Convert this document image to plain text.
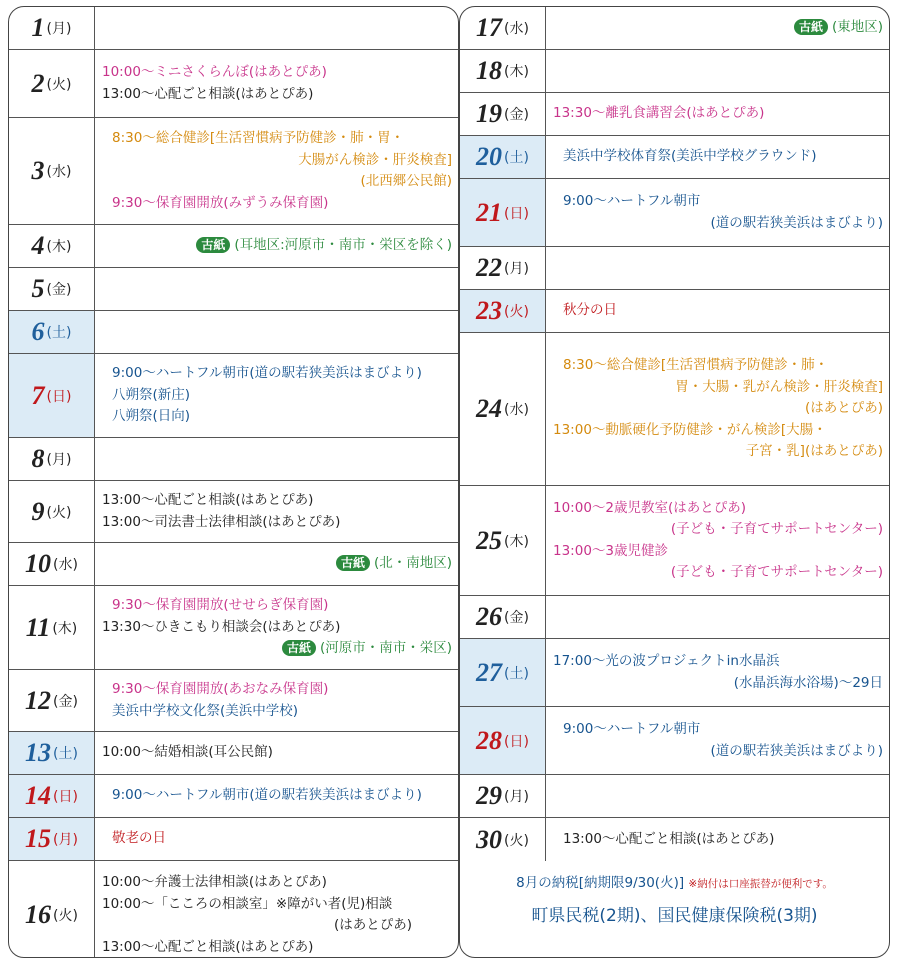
1 (月)
2 (火)
10:00〜ミニさくらんぼ(はあとぴあ)
13:00〜心配ごと相談(はあとぴあ)
3 (水)
8:30〜総合健診[生活習慣病予防健診・肺・胃・
大腸がん検診・肝炎検査]
(北西郷公民館)
9:30〜保育園開放(みずうみ保育園)
4 (木)	古紙 (耳地区:河原市・南市・栄区を除く)
5 (金)
6 (土)
7 (日)
9:00〜ハートフル朝市(道の駅若狭美浜はまびより)
八朔祭(新庄)
八朔祭(日向)
8 (月)
9 (火)
13:00〜心配ごと相談(はあとぴあ)
13:00〜司法書士法律相談(はあとぴあ)
10 (水)	古紙 (北・南地区)
11 (木)
9:30〜保育園開放(せせらぎ保育園)
13:30〜ひきこもり相談会(はあとぴあ)
古紙 (河原市・南市・栄区)
12 (金)
9:30〜保育園開放(あおなみ保育園)
美浜中学校文化祭(美浜中学校)
13 (土) 10:00〜結婚相談(耳公民館)
14 (日)	9:00〜ハートフル朝市(道の駅若狭美浜はまびより)
15 (月)	敬老の日
16 (火)
10:00〜弁護士法律相談(はあとぴあ)
10:00〜「こころの相談室」※障がい者(児)相談
(はあとぴあ)
13:00〜心配ごと相談(はあとぴあ)
17 (水)	古紙 (東地区)
18 (木)
19 (金) 13:30〜離乳食講習会(はあとぴあ)
20 (土)	美浜中学校体育祭(美浜中学校グラウンド)
21 (日)
9:00〜ハートフル朝市
(道の駅若狭美浜はまびより)
22 (月)
23 (火)	秋分の日
24 (水)
8:30〜総合健診[生活習慣病予防健診・肺・
胃・大腸・乳がん検診・肝炎検査]
(はあとぴあ)
13:00〜動脈硬化予防健診・がん検診[大腸・
子宮・乳](はあとぴあ)
25 (木)
10:00〜2歳児教室(はあとぴあ)
(子ども・子育てサポートセンター)
13:00〜3歳児健診
(子ども・子育てサポートセンター)
26 (金)
27 (土)
17:00〜光の波プロジェクトin水晶浜
(水晶浜海水浴場)〜29日
28 (日)
9:00〜ハートフル朝市
(道の駅若狭美浜はまびより)
29 (月)
30 (火)	13:00〜心配ごと相談(はあとぴあ)
8月の納税[納期限9/30(火)] ※納付は口座振替が便利です。
町県民税(2期)、国民健康保険税(3期)
